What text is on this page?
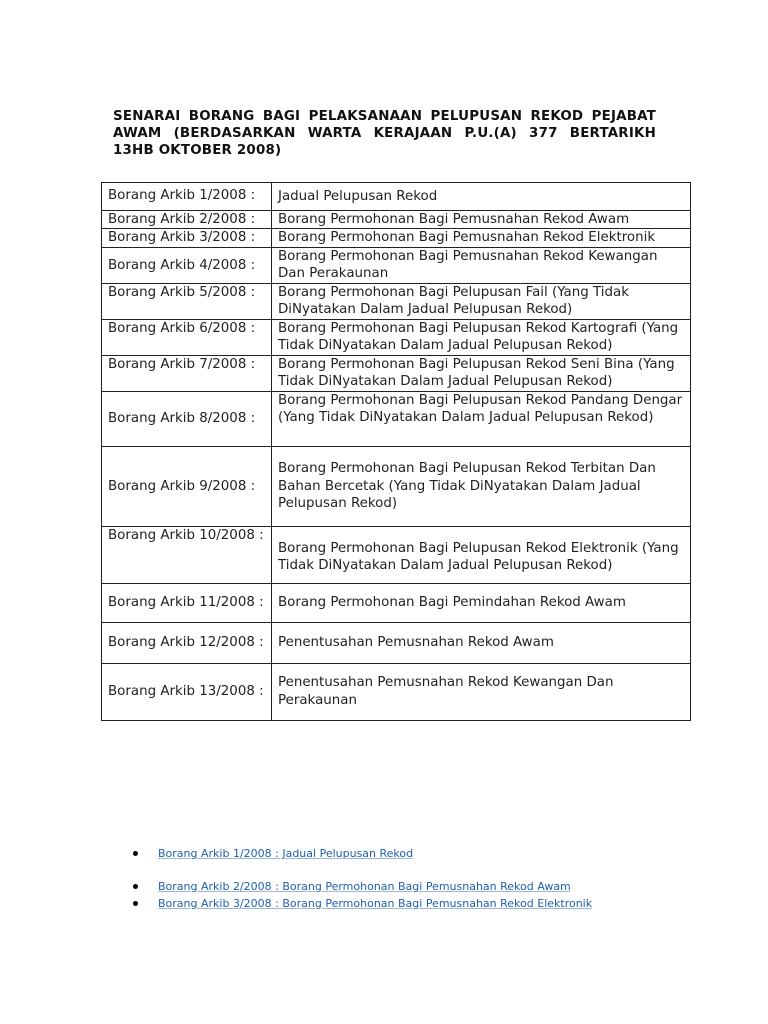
SENARAI BORANG BAGI PELAKSANAAN PELUPUSAN REKOD PEJABAT AWAM (BERDASARKAN WARTA KERAJAAN P.U.(A) 377 BERTARIKH 13HB OKTOBER 2008)
Borang Arkib 1/2008 :	Jadual Pelupusan Rekod
Borang Arkib 2/2008 :	Borang Permohonan Bagi Pemusnahan Rekod Awam
Borang Arkib 3/2008 :	Borang Permohonan Bagi Pemusnahan Rekod Elektronik
Borang Arkib 4/2008 :	Borang Permohonan Bagi Pemusnahan Rekod Kewangan Dan Perakaunan
Borang Arkib 5/2008 :	Borang Permohonan Bagi Pelupusan Fail (Yang Tidak DiNyatakan Dalam Jadual Pelupusan Rekod)
Borang Arkib 6/2008 :	Borang Permohonan Bagi Pelupusan Rekod Kartografi (Yang Tidak DiNyatakan Dalam Jadual Pelupusan Rekod)
Borang Arkib 7/2008 :	Borang Permohonan Bagi Pelupusan Rekod Seni Bina (Yang Tidak DiNyatakan Dalam Jadual Pelupusan Rekod)
Borang Arkib 8/2008 :	Borang Permohonan Bagi Pelupusan Rekod Pandang Dengar (Yang Tidak DiNyatakan Dalam Jadual Pelupusan Rekod)
Borang Arkib 9/2008 :	Borang Permohonan Bagi Pelupusan Rekod Terbitan Dan Bahan Bercetak (Yang Tidak DiNyatakan Dalam Jadual Pelupusan Rekod)
Borang Arkib 10/2008 :	Borang Permohonan Bagi Pelupusan Rekod Elektronik (Yang Tidak DiNyatakan Dalam Jadual Pelupusan Rekod)
Borang Arkib 11/2008 :	Borang Permohonan Bagi Pemindahan Rekod Awam
Borang Arkib 12/2008 :	Penentusahan Pemusnahan Rekod Awam
Borang Arkib 13/2008 :	Penentusahan Pemusnahan Rekod Kewangan Dan Perakaunan
Borang Arkib 1/2008 : Jadual Pelupusan Rekod
Borang Arkib 2/2008 : Borang Permohonan Bagi Pemusnahan Rekod Awam
Borang Arkib 3/2008 : Borang Permohonan Bagi Pemusnahan Rekod Elektronik
